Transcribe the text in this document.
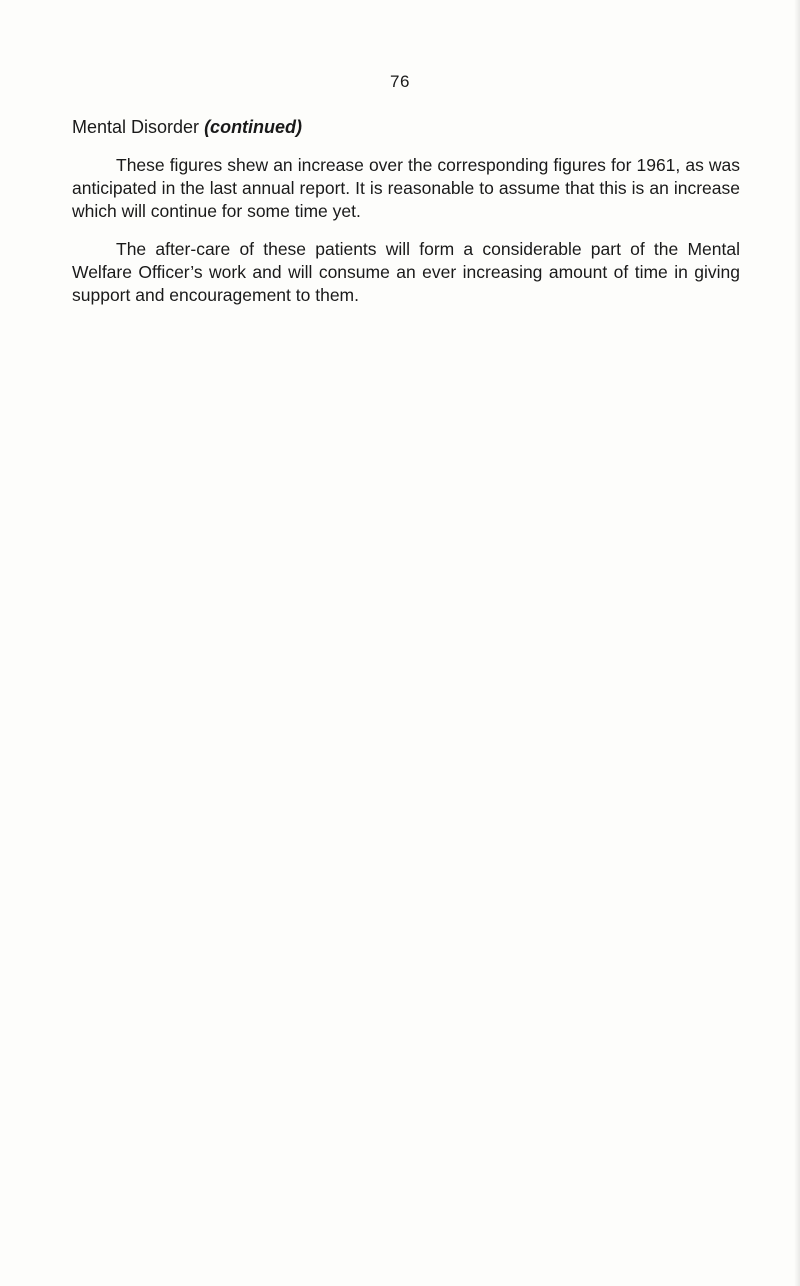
76
Mental Disorder (continued)

These figures shew an increase over the corresponding figures for 1961, as was anticipated in the last annual report. It is reasonable to assume that this is an increase which will continue for some time yet.

The after-care of these patients will form a considerable part of the Mental Welfare Officer’s work and will consume an ever increasing amount of time in giving support and encouragement to them.
